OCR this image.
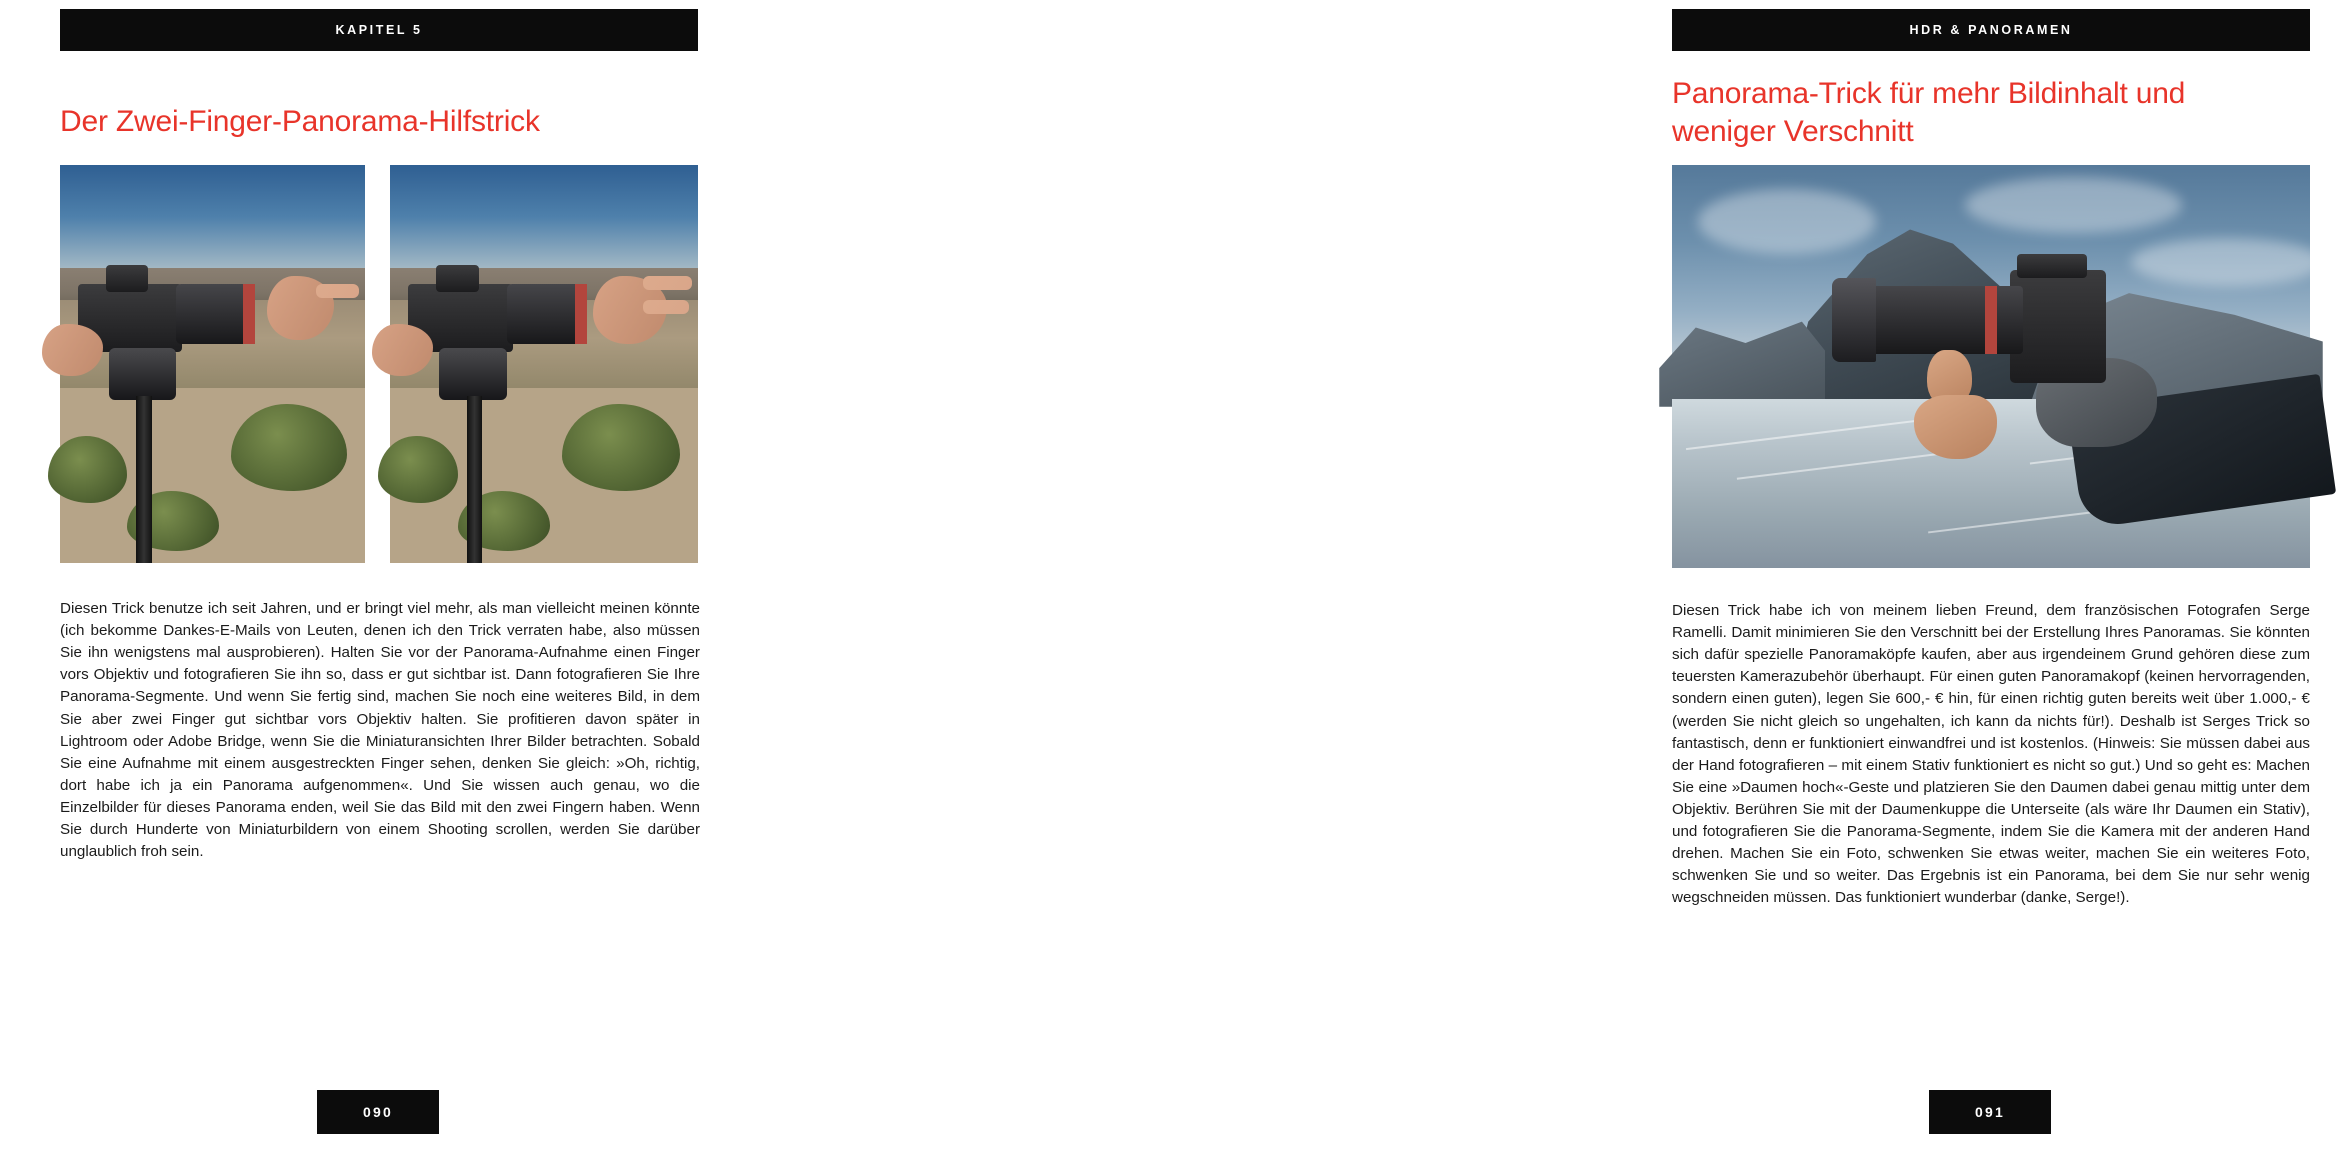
KAPITEL 5
Der Zwei-Finger-Panorama-Hilfstrick

Diesen Trick benutze ich seit Jahren, und er bringt viel mehr, als man vielleicht meinen könnte (ich bekomme Dankes-E-Mails von Leuten, denen ich den Trick verraten habe, also müssen Sie ihn wenigstens mal ausprobieren). Halten Sie vor der Panorama-Aufnahme einen Finger vors Objektiv und fotografieren Sie ihn so, dass er gut sichtbar ist. Dann fotografieren Sie Ihre Panorama-Segmente. Und wenn Sie fertig sind, machen Sie noch eine weiteres Bild, in dem Sie aber zwei Finger gut sichtbar vors Objektiv halten. Sie profitieren davon später in Lightroom oder Adobe Bridge, wenn Sie die Miniaturansichten Ihrer Bilder betrachten. Sobald Sie eine Aufnahme mit einem ausgestreckten Finger sehen, denken Sie gleich: »Oh, richtig, dort habe ich ja ein Panorama aufgenommen«. Und Sie wissen auch genau, wo die Einzelbilder für dieses Panorama enden, weil Sie das Bild mit den zwei Fingern haben. Wenn Sie durch Hunderte von Miniaturbildern von einem Shooting scrollen, werden Sie darüber unglaublich froh sein.

090
HDR & PANORAMEN
Panorama-Trick für mehr Bildinhalt und weniger Verschnitt

Diesen Trick habe ich von meinem lieben Freund, dem französischen Fotografen Serge Ramelli. Damit minimieren Sie den Verschnitt bei der Erstellung Ihres Panoramas. Sie könnten sich dafür spezielle Panoramaköpfe kaufen, aber aus irgendeinem Grund gehören diese zum teuersten Kamerazubehör überhaupt. Für einen guten Panoramakopf (keinen hervorragenden, sondern einen guten), legen Sie 600,- € hin, für einen richtig guten bereits weit über 1.000,- € (werden Sie nicht gleich so ungehalten, ich kann da nichts für!). Deshalb ist Serges Trick so fantastisch, denn er funktioniert einwandfrei und ist kostenlos. (Hinweis: Sie müssen dabei aus der Hand fotografieren – mit einem Stativ funktioniert es nicht so gut.) Und so geht es: Machen Sie eine »Daumen hoch«-Geste und platzieren Sie den Daumen dabei genau mittig unter dem Objektiv. Berühren Sie mit der Daumenkuppe die Unterseite (als wäre Ihr Daumen ein Stativ), und fotografieren Sie die Panorama-Segmente, indem Sie die Kamera mit der anderen Hand drehen. Machen Sie ein Foto, schwenken Sie etwas weiter, machen Sie ein weiteres Foto, schwenken Sie und so weiter. Das Ergebnis ist ein Panorama, bei dem Sie nur sehr wenig wegschneiden müssen. Das funktioniert wunderbar (danke, Serge!).

091
